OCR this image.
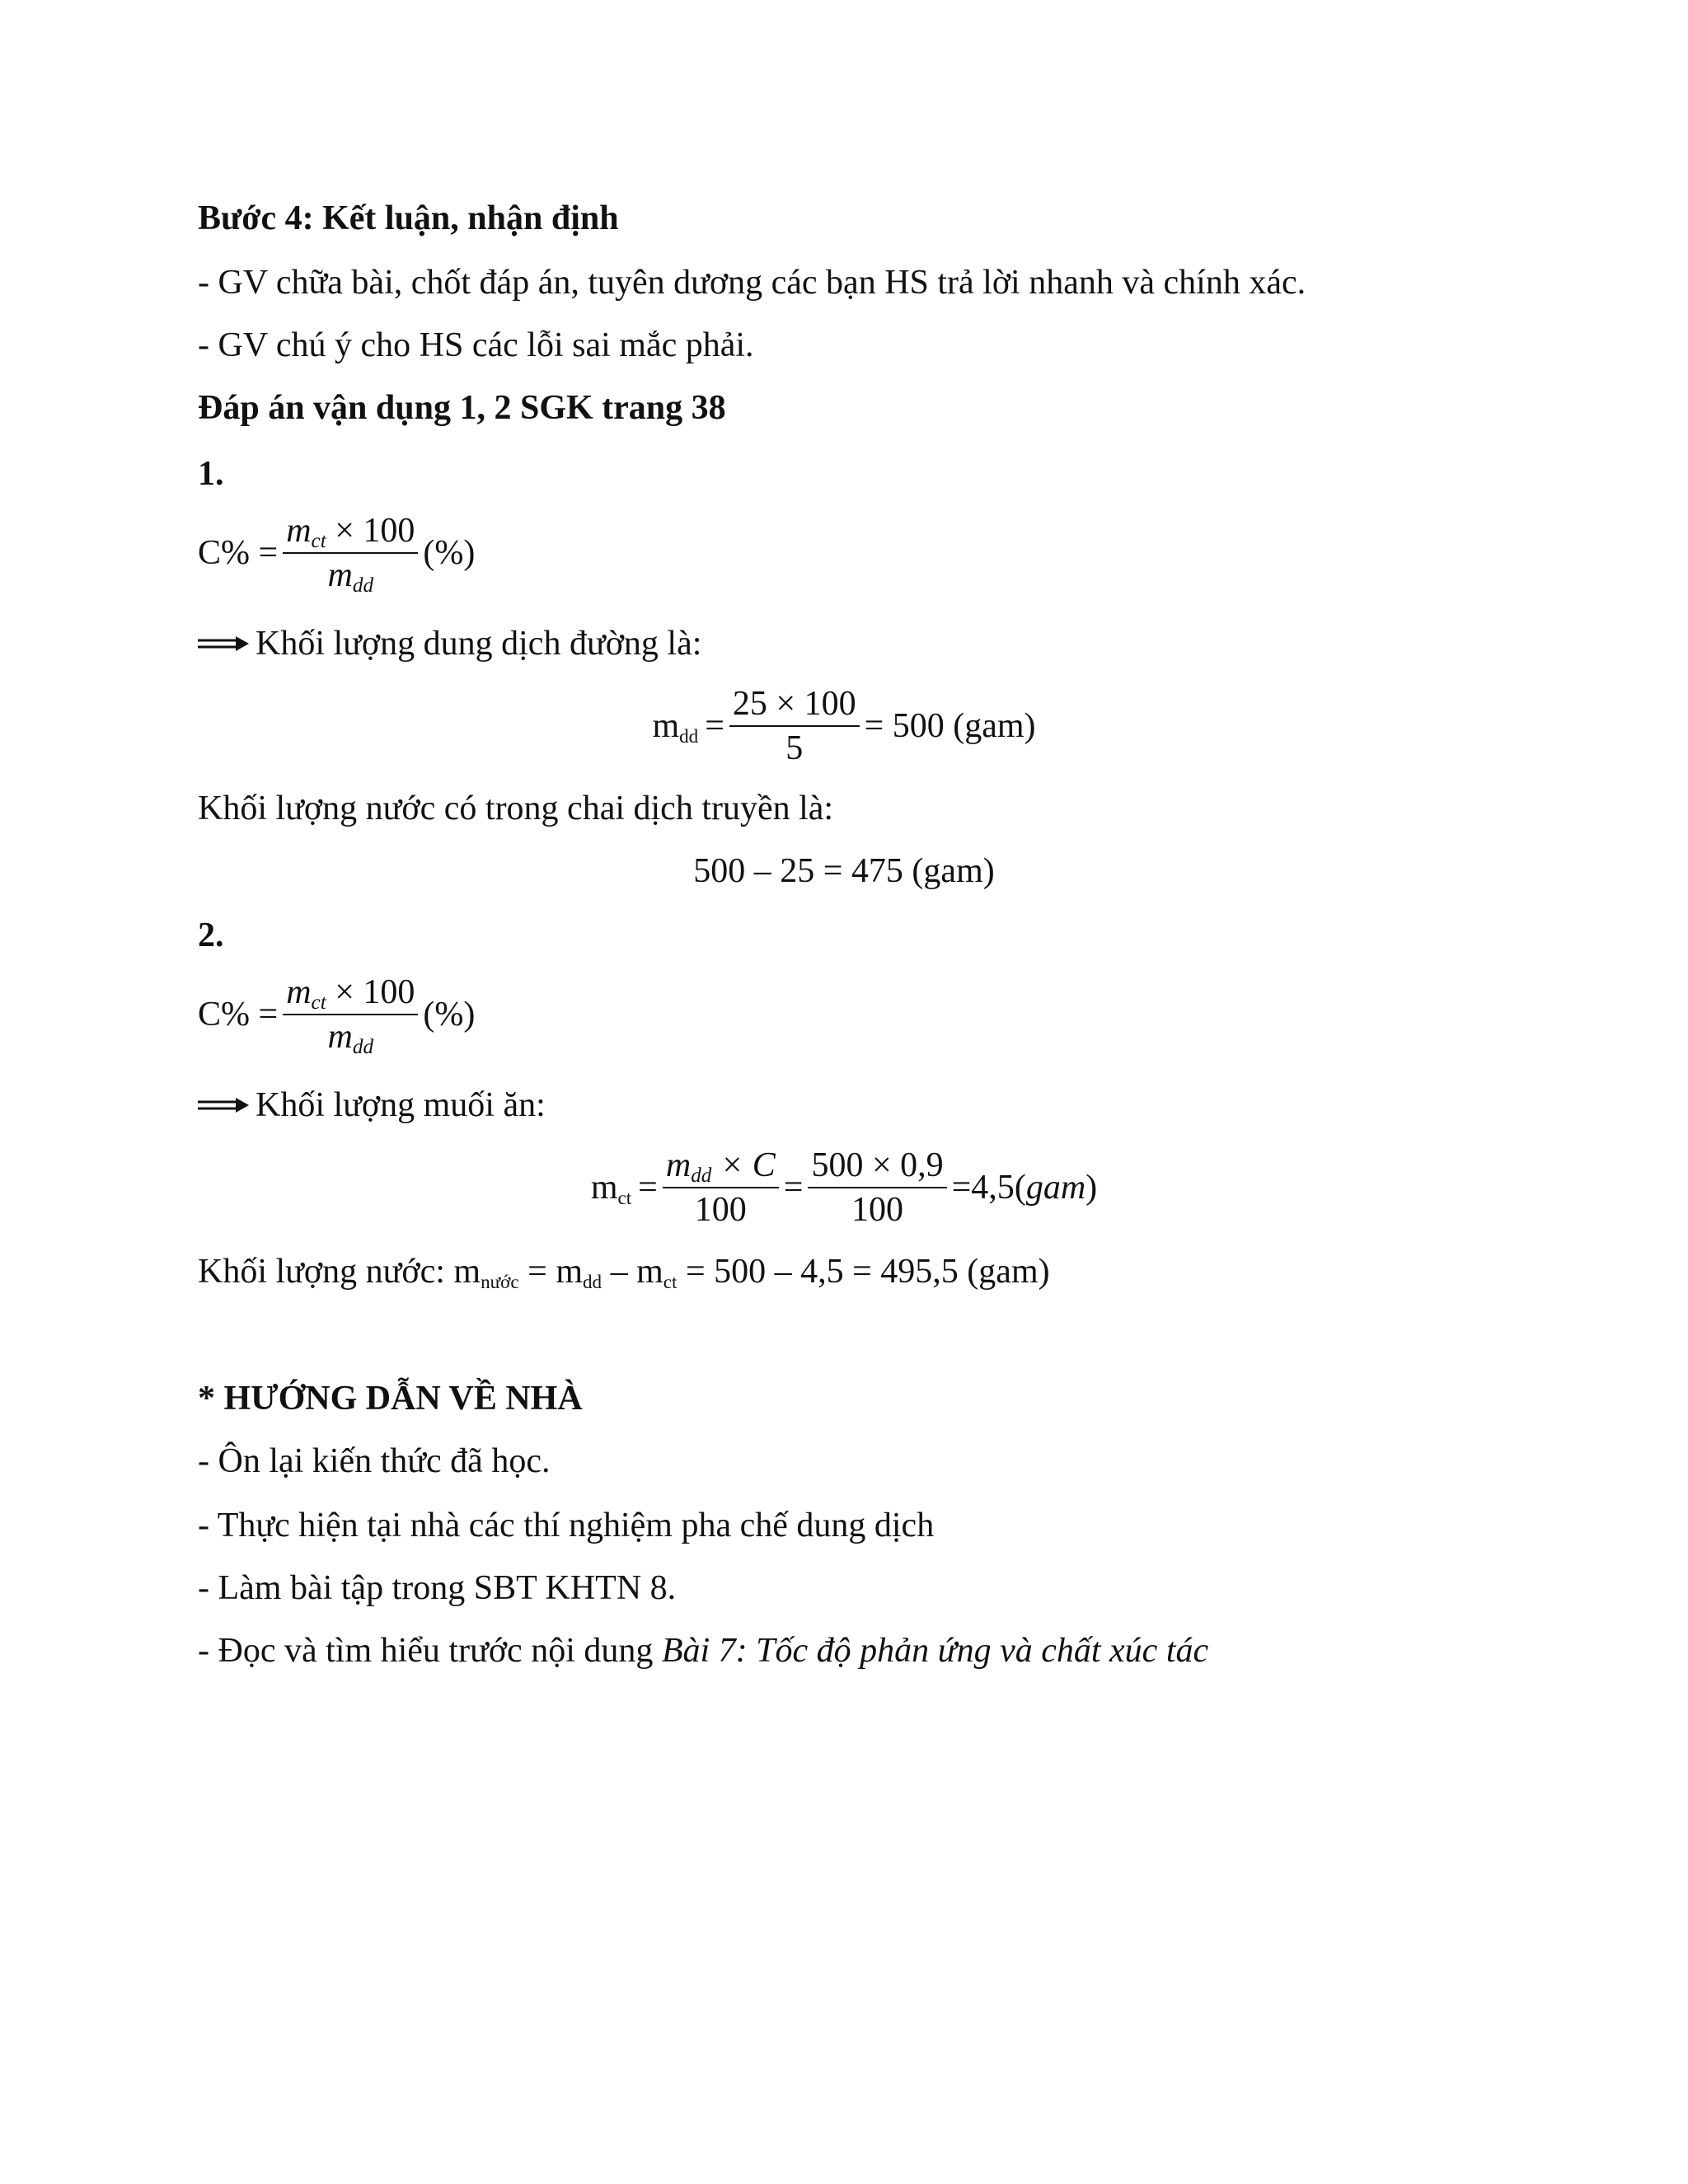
Bước 4: Kết luận, nhận định
- GV chữa bài, chốt đáp án, tuyên dương các bạn HS trả lời nhanh và chính xác.
- GV chú ý cho HS các lỗi sai mắc phải.
Đáp án vận dụng 1, 2 SGK trang 38
1.
$C\% = \frac{\text{mct × 100}}{\text{mdd}}$ (%)
Khối lượng dung dịch đường là:
mdd = $\frac{25 \times 100}{5} = 500$ (gam)
Khối lượng nước có trong chai dịch truyền là:
500 – 25 = 475 (gam)
2.
$C\% = \frac{\text{mct × 100}}{\text{mdd}}$ (%)
Khối lượng muối ăn:
mct = $\frac{\text{mdd × C}}{100} = \frac{500 \times 0,9}{100} =4,5$ ( gam )
Khối lượng nước: mnước = mdd – mct = 500 – 4,5 = 495,5 (gam)
* HƯỚNG DẪN VỀ NHÀ
- Ôn lại kiến thức đã học.
- Thực hiện tại nhà các thí nghiệm pha chế dung dịch
- Làm bài tập trong SBT KHTN 8.
- Đọc và tìm hiểu trước nội dung Bài 7: Tốc độ phản ứng và chất xúc tác
